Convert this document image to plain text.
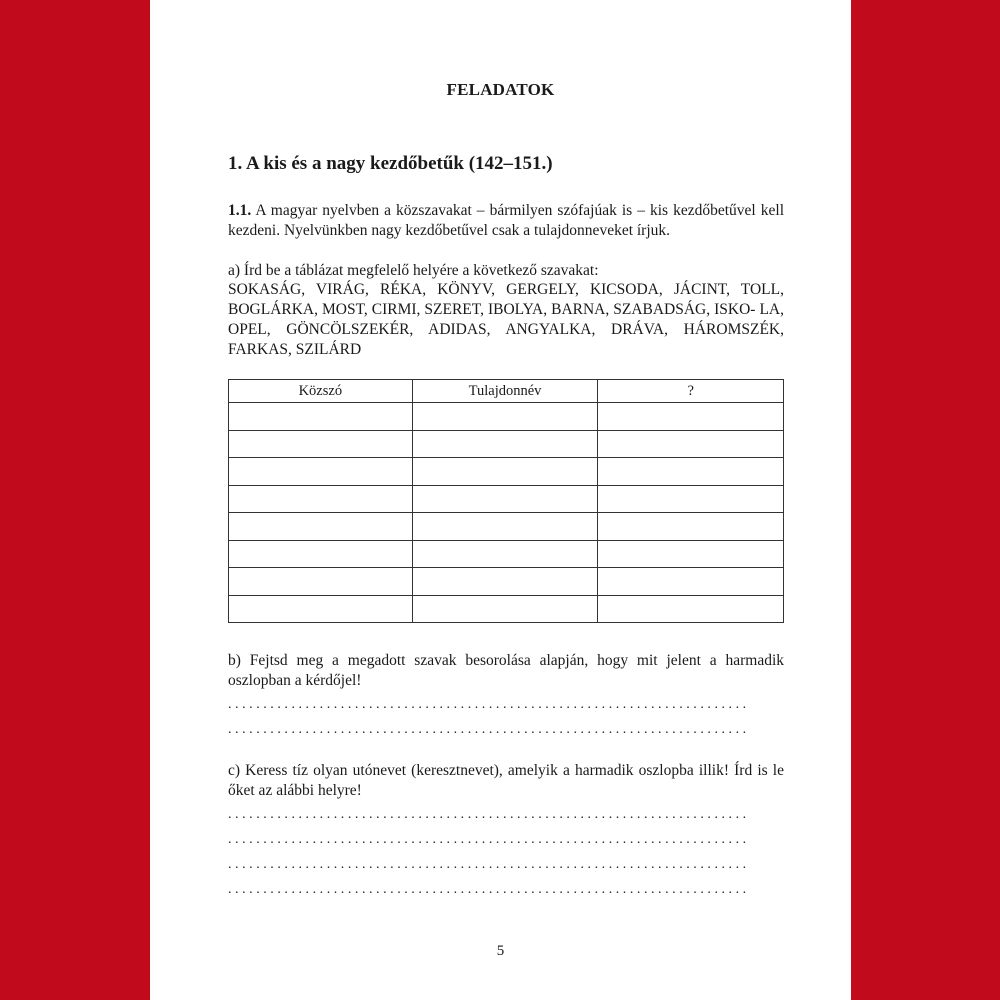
FELADATOK
1. A kis és a nagy kezdőbetűk (142–151.)
1.1. A magyar nyelvben a közszavakat – bármilyen szófajúak is – kis kezdőbetűvel kell kezdeni. Nyelvünkben nagy kezdőbetűvel csak a tulajdonneveket írjuk.
a) Írd be a táblázat megfelelő helyére a következő szavakat:
SOKASÁG, VIRÁG, RÉKA, KÖNYV, GERGELY, KICSODA, JÁCINT, TOLL, BOGLÁRKA, MOST, CIRMI, SZERET, IBOLYA, BARNA, SZABADSÁG, ISKO- LA, OPEL, GÖNCÖLSZEKÉR, ADIDAS, ANGYALKA, DRÁVA, HÁROMSZÉK, FARKAS, SZILÁRD
Közszó	Tulajdonnév	?

b) Fejtsd meg a megadott szavak besorolása alapján, hogy mit jelent a harmadik oszlopban a kérdőjel!
..........................................................................
..........................................................................
c) Keress tíz olyan utónevet (keresztnevet), amelyik a harmadik oszlopba illik! Írd is le őket az alábbi helyre!
..........................................................................
..........................................................................
..........................................................................
..........................................................................
5
